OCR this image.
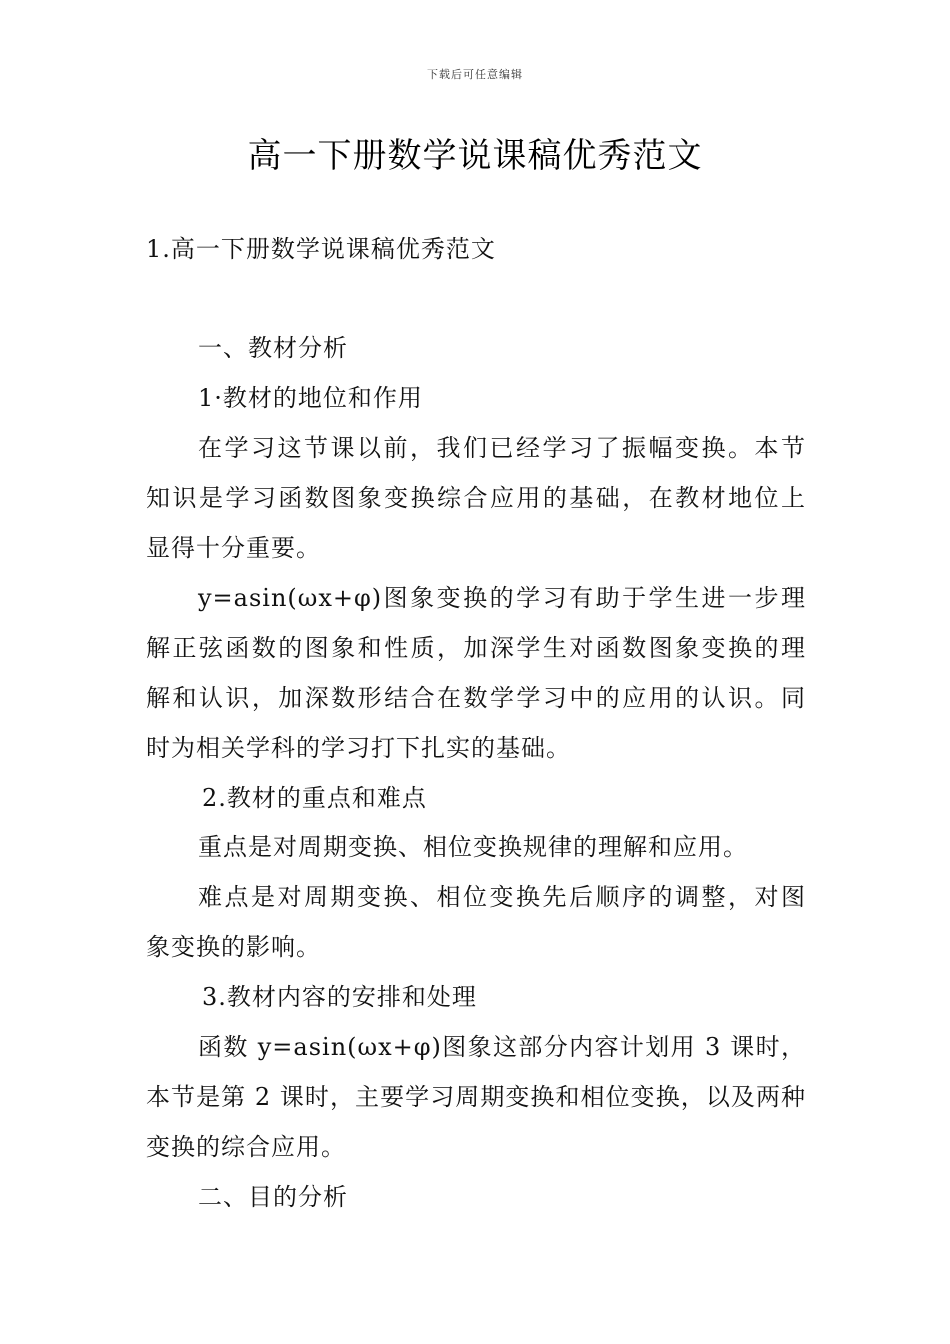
下载后可任意编辑
高一下册数学说课稿优秀范文
1.高一下册数学说课稿优秀范文
一、教材分析
1·教材的地位和作用
在学习这节课以前，我们已经学习了振幅变换。本节
知识是学习函数图象变换综合应用的基础，在教材地位上
显得十分重要。
y=asin(ωx+φ)图象变换的学习有助于学生进一步理
解正弦函数的图象和性质，加深学生对函数图象变换的理
解和认识，加深数形结合在数学学习中的应用的认识。同
时为相关学科的学习打下扎实的基础。
2.教材的重点和难点
重点是对周期变换、相位变换规律的理解和应用。
难点是对周期变换、相位变换先后顺序的调整，对图
象变换的影响。
3.教材内容的安排和处理
函数 y=asin(ωx+φ)图象这部分内容计划用 3 课时，
本节是第 2 课时，主要学习周期变换和相位变换，以及两种
变换的综合应用。
二、目的分析
